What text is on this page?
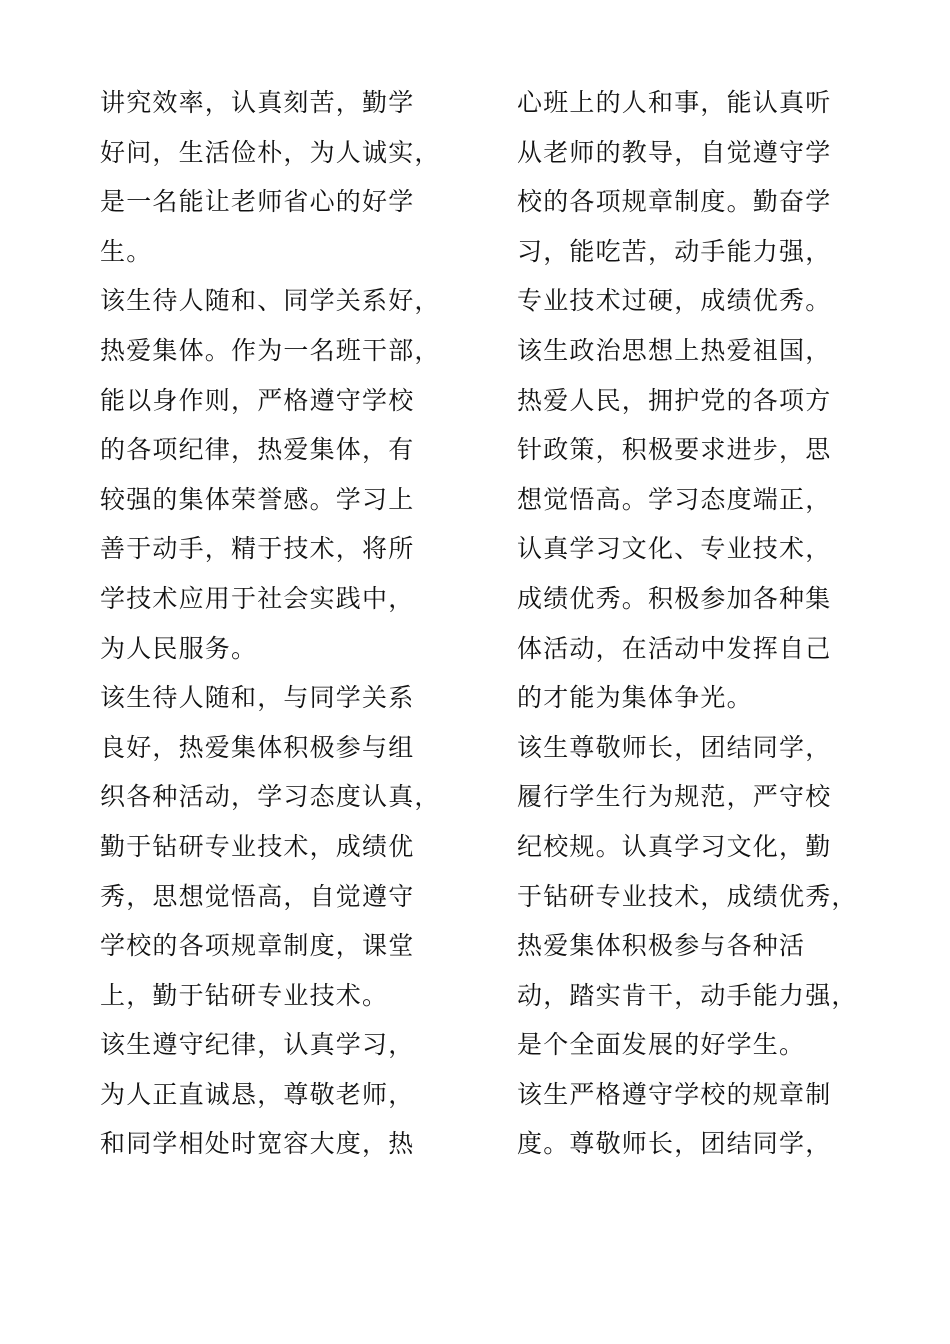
讲究效率，认真刻苦，勤学
好问，生活俭朴，为人诚实，
是一名能让老师省心的好学
生。
该生待人随和、同学关系好，
热爱集体。作为一名班干部，
能以身作则，严格遵守学校
的各项纪律，热爱集体，有
较强的集体荣誉感。学习上
善于动手，精于技术，将所
学技术应用于社会实践中，
为人民服务。
该生待人随和，与同学关系
良好，热爱集体积极参与组
织各种活动，学习态度认真，
勤于钻研专业技术，成绩优
秀，思想觉悟高，自觉遵守
学校的各项规章制度，课堂
上，勤于钻研专业技术。
该生遵守纪律，认真学习，
为人正直诚恳，尊敬老师，
和同学相处时宽容大度，热
心班上的人和事，能认真听
从老师的教导，自觉遵守学
校的各项规章制度。勤奋学
习，能吃苦，动手能力强，
专业技术过硬，成绩优秀。
该生政治思想上热爱祖国，
热爱人民，拥护党的各项方
针政策，积极要求进步，思
想觉悟高。学习态度端正，
认真学习文化、专业技术，
成绩优秀。积极参加各种集
体活动，在活动中发挥自己
的才能为集体争光。
该生尊敬师长，团结同学，
履行学生行为规范，严守校
纪校规。认真学习文化，勤
于钻研专业技术，成绩优秀，
热爱集体积极参与各种活
动，踏实肯干，动手能力强，
是个全面发展的好学生。
该生严格遵守学校的规章制
度。尊敬师长，团结同学，
